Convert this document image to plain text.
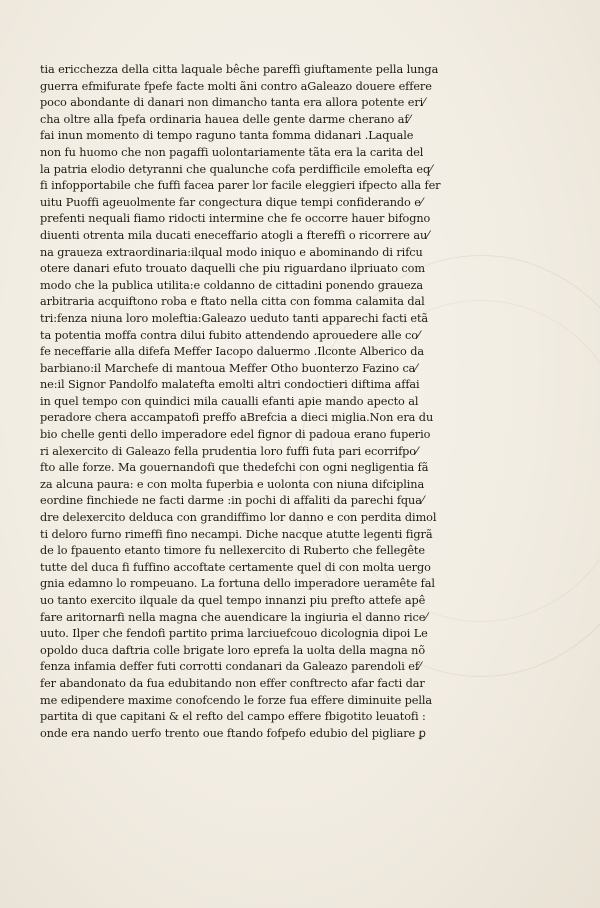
tia ericchezza della citta laquale bêche pareffi giuftamente pella lunga
guerra efmifurate fpefe facte molti ãni contro aGaleazo douere effere
poco abondante di danari non dimancho tanta era allora potente eri⁄
cha oltre alla fpefa ordinaria hauea delle gente darme cherano af⁄
fai inun momento di tempo raguno tanta fomma didanari .Laquale
non fu huomo che non pagaffi uolontariamente tãta era la carita del
la patria elodio detyranni che qualunche cofa perdifficile emolefta eq⁄
fi infopportabile che fuffi facea parer lor facile eleggieri ifpecto alla fer
uitu Puoffi ageuolmente far congectura dique tempi confiderando e⁄
prefenti nequali fiamo ridocti intermine che fe occorre hauer bifogno
diuenti otrenta mila ducati eneceffario atogli a ftereffi o ricorrere au⁄
na graueza extraordinaria:ilqual modo iniquo e abominando di rifcu
otere danari efuto trouato daquelli che piu riguardano ilpriuato com
modo che la publica utilita:e coldanno de cittadini ponendo graueza
arbitraria acquiftono roba e ftato nella citta con fomma calamita dal
tri:fenza niuna loro moleftia:Galeazo ueduto tanti apparechi facti etã
ta potentia moffa contra dilui fubito attendendo aprouedere alle co⁄
fe neceffarie alla difefa Meffer Iacopo daluermo .Ilconte Alberico da
barbiano:il Marchefe di mantoua Meffer Otho buonterzo Fazino ca⁄
ne:il Signor Pandolfo malatefta emolti altri condoctieri diftima affai
in quel tempo con quindici mila caualli efanti apie mando apecto al
peradore chera accampatofi preffo aBrefcia a dieci miglia.Non era du
bio chelle genti dello imperadore edel fignor di padoua erano fuperio
ri alexercito di Galeazo fella prudentia loro fuffi futa pari ecorrifpo⁄
fto alle forze. Ma gouernandofi que thedefchi con ogni negligentia fã
za alcuna paura: e con molta fuperbia e uolonta con niuna difciplina
eordine finchiede ne facti darme :in pochi di affaliti da parechi fqua⁄
dre delexercito delduca con grandiffimo lor danno e con perdita dimol
ti deloro furno rimeffi fino necampi. Diche nacque atutte legenti figrã
de lo fpauento etanto timore fu nellexercito di Ruberto che fellegête
tutte del duca fi fuffino accoftate certamente quel di con molta uergo
gnia edamno lo rompeuano. La fortuna dello imperadore ueramête fal
uo tanto exercito ilquale da quel tempo innanzi piu prefto attefe apê
fare aritornarfi nella magna che auendicare la ingiuria el danno rice⁄
uuto. Ilper che fendofi partito prima larciuefcouo dicolognia dipoi Le
opoldo duca daftria colle brigate loro eprefa la uolta della magna nõ
fenza infamia deffer futi corrotti condanari da Galeazo parendoli ef⁄
fer abandonato da fua edubitando non effer conftrecto afar facti dar
me edipendere maxime conofcendo le forze fua effere diminuite pella
partita di que capitani & el refto del campo effere fbigotito leuatofi :
onde era nando uerfo trento oue ftando fofpefo edubio del pigliare ꝑ
